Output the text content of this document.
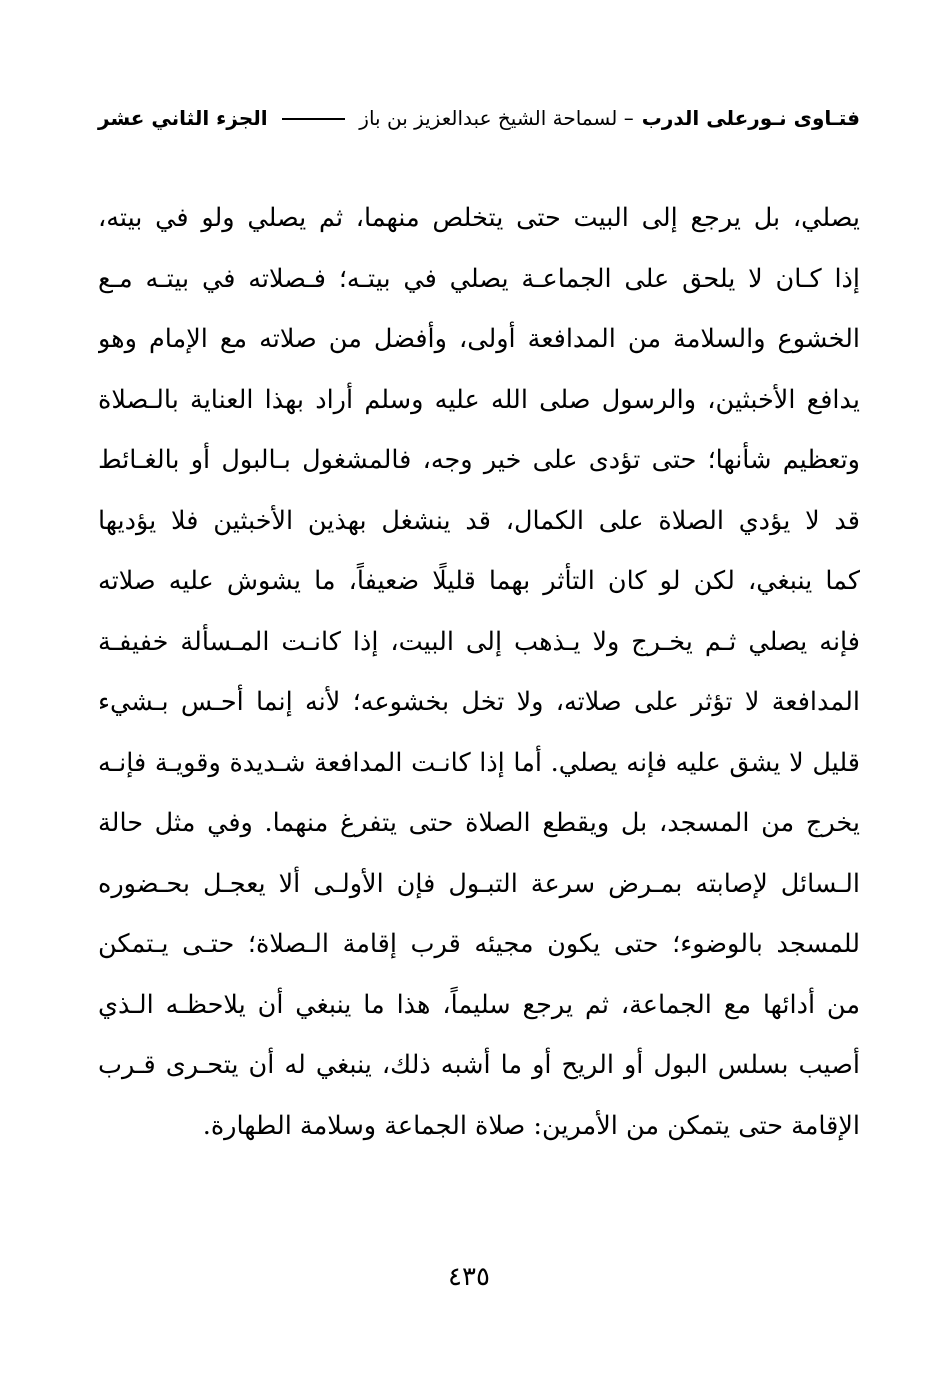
فتـاوى نـورعلى الدرب
– لسماحة الشيخ عبدالعزيز بن باز
الجزء الثاني عشر
يصلي، بل يرجع إلى البيت حتى يتخلص منهما، ثم يصلي ولو في بيته،
إذا كـان لا يلحق على الجماعـة يصلي في بيتـه؛ فـصلاته في بيتـه مـع
الخشوع والسلامة من المدافعة أولى، وأفضل من صلاته مع الإمام وهو
يدافع الأخبثين، والرسول صلى الله عليه وسلم أراد بهذا العناية بالـصلاة
وتعظيم شأنها؛ حتى تؤدى على خير وجه، فالمشغول بـالبول أو بالغـائط
قد لا يؤدي الصلاة على الكمال، قد ينشغل بهذين الأخبثين فلا يؤديها
كما ينبغي، لكن لو كان التأثر بهما قليلًا ضعيفاً، ما يشوش عليه صلاته
فإنه يصلي ثـم يخـرج ولا يـذهب إلى البيت، إذا كانـت المـسألة خفيفـة
المدافعة لا تؤثر على صلاته، ولا تخل بخشوعه؛ لأنه إنما أحـس بـشيء
قليل لا يشق عليه فإنه يصلي. أما إذا كانـت المدافعة شـديدة وقويـة فإنـه
يخرج من المسجد، بل ويقطع الصلاة حتى يتفرغ منهما. وفي مثل حالة
الـسائل لإصابته بمـرض سرعة التبـول فإن الأولـى ألا يعجـل بحـضوره
للمسجد بالوضوء؛ حتى يكون مجيئه قرب إقامة الـصلاة؛ حتـى يـتمكن
من أدائها مع الجماعة، ثم يرجع سليماً، هذا ما ينبغي أن يلاحظـه الـذي
أصيب بسلس البول أو الريح أو ما أشبه ذلك، ينبغي له أن يتحـرى قـرب
الإقامة حتى يتمكن من الأمرين: صلاة الجماعة وسلامة الطهارة.
٤٣٥
